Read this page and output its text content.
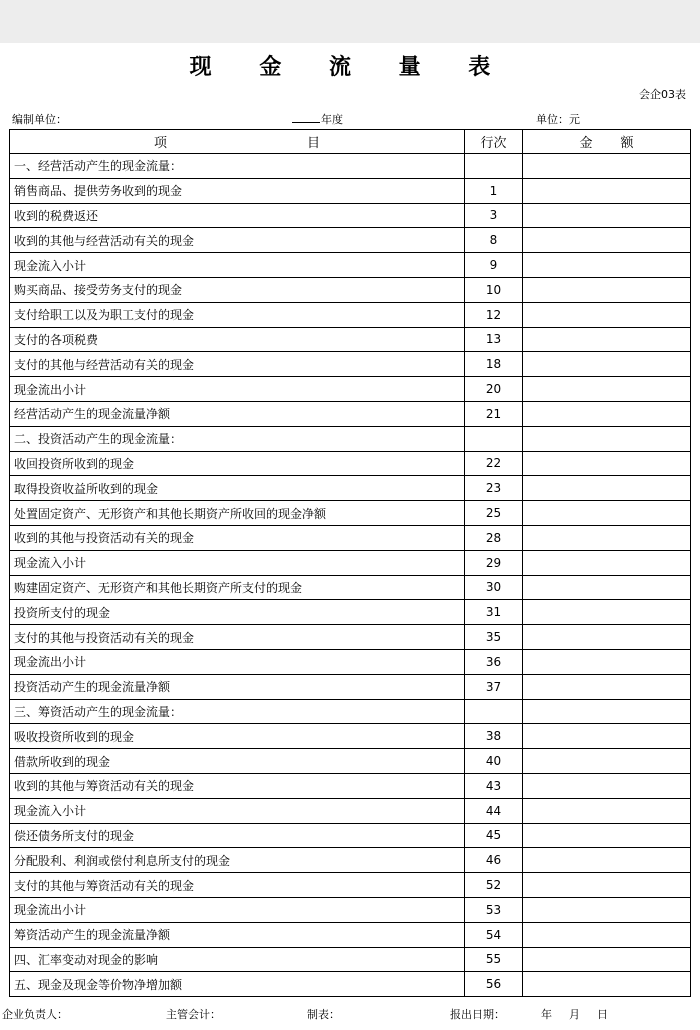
现 金 流 量 表
会企03表
编制单位：	年度	单位：元
项 目	行次	金 额

一、经营活动产生的现金流量：		
销售商品、提供劳务收到的现金	1	
收到的税费返还	3	
收到的其他与经营活动有关的现金	8	
现金流入小计	9	
购买商品、接受劳务支付的现金	10	
支付给职工以及为职工支付的现金	12	
支付的各项税费	13	
支付的其他与经营活动有关的现金	18	
现金流出小计	20	
经营活动产生的现金流量净额	21	
二、投资活动产生的现金流量：		
收回投资所收到的现金	22	
取得投资收益所收到的现金	23	
处置固定资产、无形资产和其他长期资产所收回的现金净额	25	
收到的其他与投资活动有关的现金	28	
现金流入小计	29	
购建固定资产、无形资产和其他长期资产所支付的现金	30	
投资所支付的现金	31	
支付的其他与投资活动有关的现金	35	
现金流出小计	36	
投资活动产生的现金流量净额	37	
三、筹资活动产生的现金流量：		
吸收投资所收到的现金	38	
借款所收到的现金	40	
收到的其他与筹资活动有关的现金	43	
现金流入小计	44	
偿还债务所支付的现金	45	
分配股利、利润或偿付利息所支付的现金	46	
支付的其他与筹资活动有关的现金	52	
现金流出小计	53	
筹资活动产生的现金流量净额	54	
四、汇率变动对现金的影响	55	
五、现金及现金等价物净增加额	56	
企业负责人：	主管会计：	制表：	报出日期：	年 月 日
